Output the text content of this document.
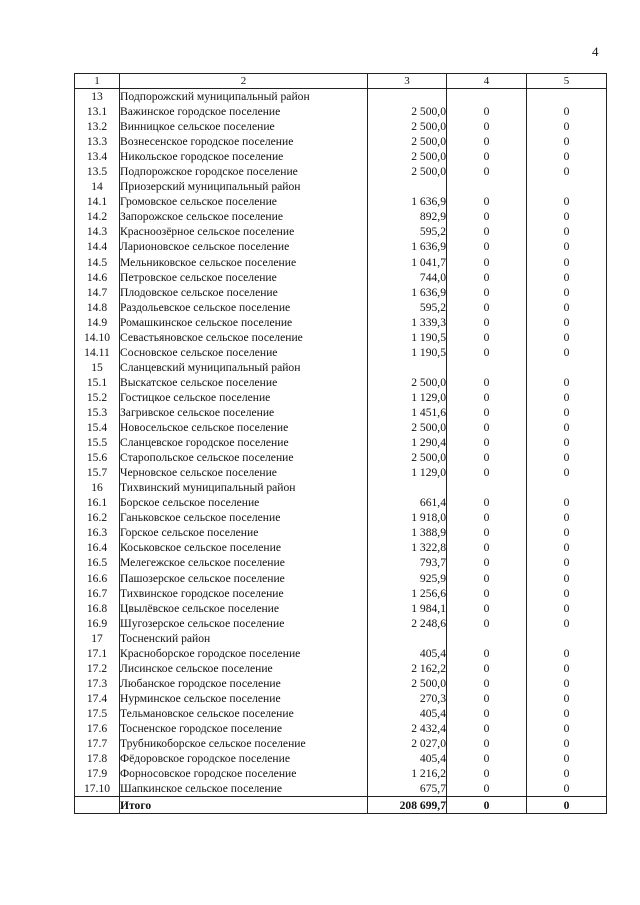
4
1	2	3	4	5
13	Подпорожский муниципальный район			
13.1	Важинское городское поселение	2 500,0	0	0
13.2	Винницкое сельское поселение	2 500,0	0	0
13.3	Вознесенское городское поселение	2 500,0	0	0
13.4	Никольское городское поселение	2 500,0	0	0
13.5	Подпорожское городское поселение	2 500,0	0	0
14	Приозерский муниципальный район			
14.1	Громовское сельское поселение	1 636,9	0	0
14.2	Запорожское сельское поселение	892,9	0	0
14.3	Красноозёрное сельское поселение	595,2	0	0
14.4	Ларионовское сельское поселение	1 636,9	0	0
14.5	Мельниковское сельское поселение	1 041,7	0	0
14.6	Петровское сельское поселение	744,0	0	0
14.7	Плодовское сельское поселение	1 636,9	0	0
14.8	Раздольевское сельское поселение	595,2	0	0
14.9	Ромашкинское сельское поселение	1 339,3	0	0
14.10	Севастьяновское сельское поселение	1 190,5	0	0
14.11	Сосновское сельское поселение	1 190,5	0	0
15	Сланцевский муниципальный район			
15.1	Выскатское сельское поселение	2 500,0	0	0
15.2	Гостицкое сельское поселение	1 129,0	0	0
15.3	Загривское сельское поселение	1 451,6	0	0
15.4	Новосельское сельское поселение	2 500,0	0	0
15.5	Сланцевское городское поселение	1 290,4	0	0
15.6	Старопольское сельское поселение	2 500,0	0	0
15.7	Черновское сельское поселение	1 129,0	0	0
16	Тихвинский муниципальный район			
16.1	Борское сельское поселение	661,4	0	0
16.2	Ганьковское сельское поселение	1 918,0	0	0
16.3	Горское сельское поселение	1 388,9	0	0
16.4	Коськовское сельское поселение	1 322,8	0	0
16.5	Мелегежское сельское поселение	793,7	0	0
16.6	Пашозерское сельское поселение	925,9	0	0
16.7	Тихвинское городское поселение	1 256,6	0	0
16.8	Цвылёвское сельское поселение	1 984,1	0	0
16.9	Шугозерское сельское поселение	2 248,6	0	0
17	Тосненский район			
17.1	Красноборское городское поселение	405,4	0	0
17.2	Лисинское сельское поселение	2 162,2	0	0
17.3	Любанское городское поселение	2 500,0	0	0
17.4	Нурминское сельское поселение	270,3	0	0
17.5	Тельмановское сельское поселение	405,4	0	0
17.6	Тосненское городское поселение	2 432,4	0	0
17.7	Трубникоборское сельское поселение	2 027,0	0	0
17.8	Фёдоровское городское поселение	405,4	0	0
17.9	Форносовское городское поселение	1 216,2	0	0
17.10	Шапкинское сельское поселение	675,7	0	0
	Итого	208 699,7	0	0
